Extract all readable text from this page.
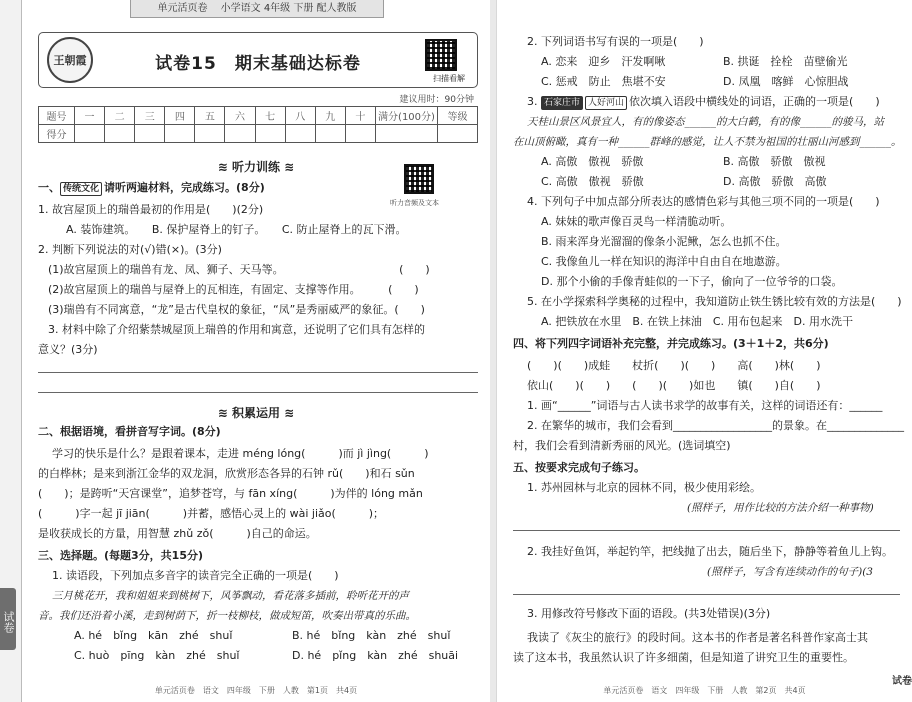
试卷
单元活页卷 小学语文 4年级 下册 配人教版
王朝霞	试卷15　期末基础达标卷
扫描看解
建议用时：90分钟
题号	一	二	三	四	五	六	七	八	九	十	满分(100分)	等级
得分												
≋ 听力训练 ≋
听力音频及文本
一、 传统文化 请听两遍材料，完成练习。(8分)
1. 故宫屋顶上的瑞兽最初的作用是(　　)(2分)
A. 装饰建筑。　　B. 保护屋脊上的钉子。　　C. 防止屋脊上的瓦下滑。
2. 判断下列说法的对(√)错(×)。(3分)
(1)故宫屋顶上的瑞兽有龙、凤、狮子、天马等。　　　　　　　　　　　(　　)
(2)故宫屋顶上的瑞兽与屋脊上的瓦相连，有固定、支撑等作用。　　　(　　)
(3)瑞兽有不同寓意，“龙”是古代皇权的象征，“凤”是秀丽威严的象征。(　　)
3. 材料中除了介绍紫禁城屋顶上瑞兽的作用和寓意，还说明了它们具有怎样的
意义？(3分)
≋ 积累运用 ≋
二、根据语境，看拼音写字词。(8分)
学习的快乐是什么？是跟着课本，走进 méng lóng(　　　)而 jì jìng(　　　)
的白桦林；是来到浙江金华的双龙洞，欣赏形态各异的石钟 rǔ(　　)和石 sǔn
(　　)；是跨听“天宫课堂”，追梦苍穹，与 fān xíng(　　　)为伴的 lóng mǎn
(　　　)字一起 jī jiān(　　　)并蓄，感悟心灵上的 wài jiǎo(　　　)；
是收获成长的方量，用智慧 zhǔ zǒ(　　　)自己的命运。
三、选择题。(每题3分，共15分)
1. 读语段，下列加点多音字的读音完全正确的一项是(　　)
三月桃花开，我和姐姐来到桃树下，风筝飘动，看花落多插前，聆听花开的声
音。我们还沿着小溪，走到树荫下，折一枝柳枝，做成短笛，吹奏出带真的乐曲。
A. hé　bǐng　kān　zhé　shuǐ	B. hé　bǐng　kàn　zhé　shuǐ
C. huò　pīng　kàn　zhé　shuǐ	D. hé　pǐng　kàn　zhé　shuāi
单元活页卷　语文　四年级　下册　人教　第1页　共4页
2. 下列词语书写有误的一项是(　　)
A. 恋来　迎乡　汗发啊啾	B. 拱诞　拴栓　苗壁偷光
C. 惩戒　防止　焦堪不安	D. 凤凰　喀鲜　心惊胆战
3. 石家庄市 人好河山 依次填入语段中横线处的词语，正确的一项是(　　)
天桂山景区风景宜人，有的像姿态______的大白鹤，有的像______的骏马，站
在山顶俯瞰，真有一种______群峰的感觉，让人不禁为祖国的壮丽山河感到______。
A. 高傲　傲视　骄傲	B. 高傲　骄傲　傲视
C. 高傲　傲视　骄傲	D. 高傲　骄傲　高傲
4. 下列句子中加点部分所表达的感情色彩与其他三项不同的一项是(　　)
A. 妹妹的歌声像百灵鸟一样清脆动听。
B. 雨来浑身光溜溜的像条小泥鳅，怎么也抓不住。
C. 我像鱼儿一样在知识的海洋中自由自在地遨游。
D. 那个小偷的手像青蛙似的一下子，偷向了一位爷爷的口袋。
5. 在小学探索科学奥秘的过程中，我知道防止铁生锈比较有效的方法是(　　)
A. 把铁放在水里　B. 在铁上抹油　C. 用布包起来　D. 用水洗干
四、将下列四字词语补充完整，并完成练习。(3＋1＋2，共6分)
(　　)(　　)成蛙　　杖折(　　)(　　)　　高(　　)林(　　)
依山(　　)(　　)　　(　　)(　　)如也　　镇(　　)自(　　)
1. 画“______”词语与古人读书求学的故事有关，这样的词语还有：______
2. 在繁华的城市，我们会看到__________________的景象。在______________
村，我们会看到清新秀丽的风光。(选词填空)
五、按要求完成句子练习。
1. 苏州园林与北京的园林不同，极少使用彩绘。
(照样子，用作比较的方法介绍一种事物)
2. 我挂好鱼饵，举起钓竿，把线抛了出去，随后坐下，静静等着鱼儿上钩。
(照样子，写含有连续动作的句子)(3
3. 用修改符号修改下面的语段。(共3处错误)(3分)
我读了《灰尘的旅行》的段时间。这本书的作者是著名科普作家高士其
读了这本书，我虽然认识了许多细菌，但是知道了讲究卫生的重要性。
单元活页卷　语文　四年级　下册　人教　第2页　共4页
试卷
